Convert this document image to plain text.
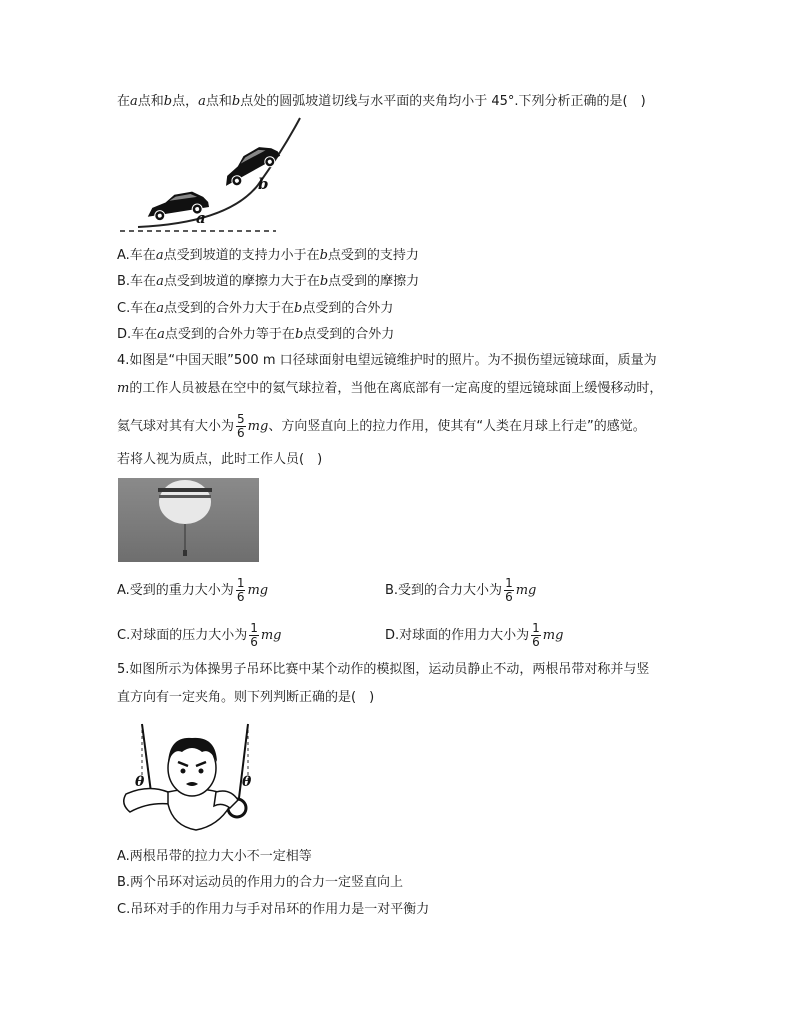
在a点和b点，a点和b点处的圆弧坡道切线与水平面的夹角均小于 45°.下列分析正确的是(　)
a
b
A.车在a点受到坡道的支持力小于在b点受到的支持力
B.车在a点受到坡道的摩擦力大于在b点受到的摩擦力
C.车在a点受到的合外力大于在b点受到的合外力
D.车在a点受到的合外力等于在b点受到的合外力
4.如图是“中国天眼”500 m 口径球面射电望远镜维护时的照片。为不损伤望远镜球面，质量为
m的工作人员被悬在空中的氦气球拉着，当他在离底部有一定高度的望远镜球面上缓慢移动时，
氦气球对其有大小为 $\frac{5}{6}$ mg、方向竖直向上的拉力作用，使其有“人类在月球上行走”的感觉。
若将人视为质点，此时工作人员(　)
A.受到的重力大小为 $\frac{1}{6}$ mg	B.受到的合力大小为 $\frac{1}{6}$ mg
C.对球面的压力大小为 $\frac{1}{6}$ mg	D.对球面的作用力大小为 $\frac{1}{6}$ mg
5.如图所示为体操男子吊环比赛中某个动作的模拟图，运动员静止不动，两根吊带对称并与竖
直方向有一定夹角。则下列判断正确的是(　)
θ	θ
A.两根吊带的拉力大小不一定相等
B.两个吊环对运动员的作用力的合力一定竖直向上
C.吊环对手的作用力与手对吊环的作用力是一对平衡力
